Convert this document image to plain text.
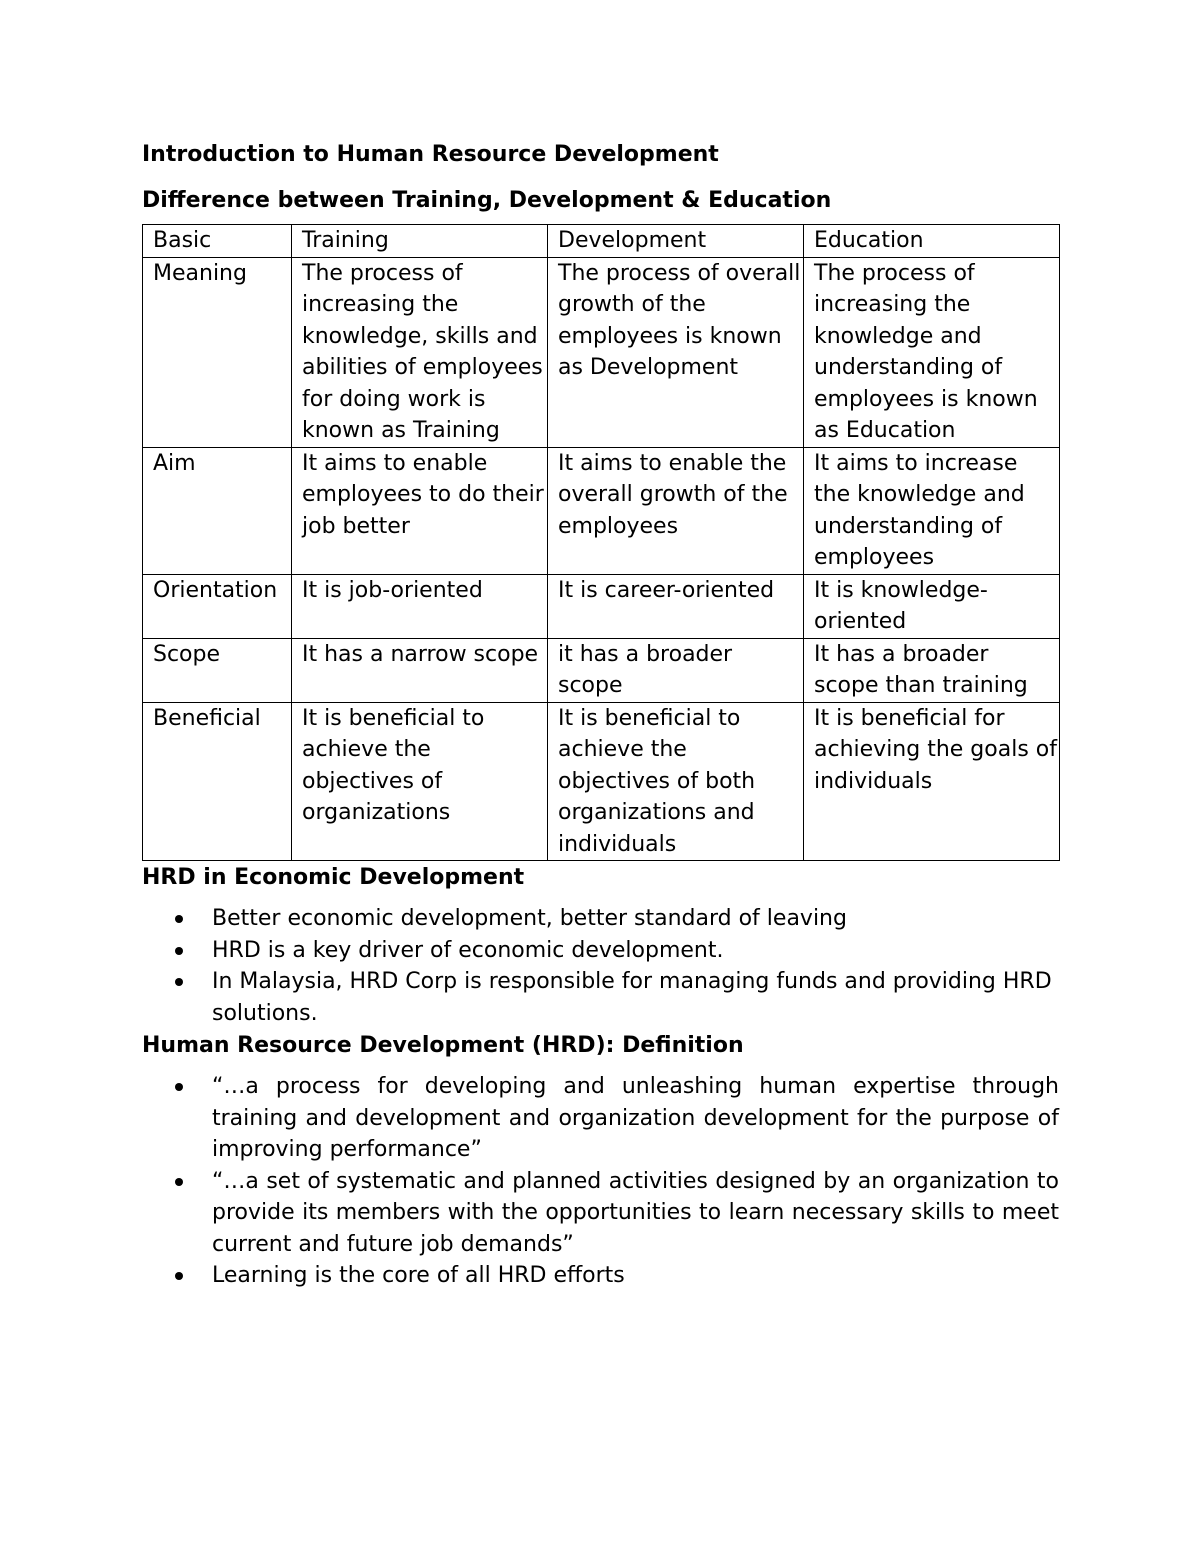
Introduction to Human Resource Development
Difference between Training, Development & Education
Basic	Training	Development	Education
Meaning	The process of increasing the knowledge, skills and abilities of employees for doing work is known as Training	The process of overall growth of the employees is known as Development	The process of increasing the knowledge and understanding of employees is known as Education
Aim	It aims to enable employees to do their job better	It aims to enable the overall growth of the employees	It aims to increase the knowledge and understanding of employees
Orientation	It is job-oriented	It is career-oriented	It is knowledge-oriented
Scope	It has a narrow scope	it has a broader scope	It has a broader scope than training
Beneficial	It is beneficial to achieve the objectives of organizations	It is beneficial to achieve the objectives of both organizations and individuals	It is beneficial for achieving the goals of individuals
HRD in Economic Development
Better economic development, better standard of leaving
HRD is a key driver of economic development.
In Malaysia, HRD Corp is responsible for managing funds and providing HRD solutions.
Human Resource Development (HRD): Definition
“…a process for developing and unleashing human expertise through training and development and organization development for the purpose of improving performance”
“…a set of systematic and planned activities designed by an organization to provide its members with the opportunities to learn necessary skills to meet current and future job demands”
Learning is the core of all HRD efforts
